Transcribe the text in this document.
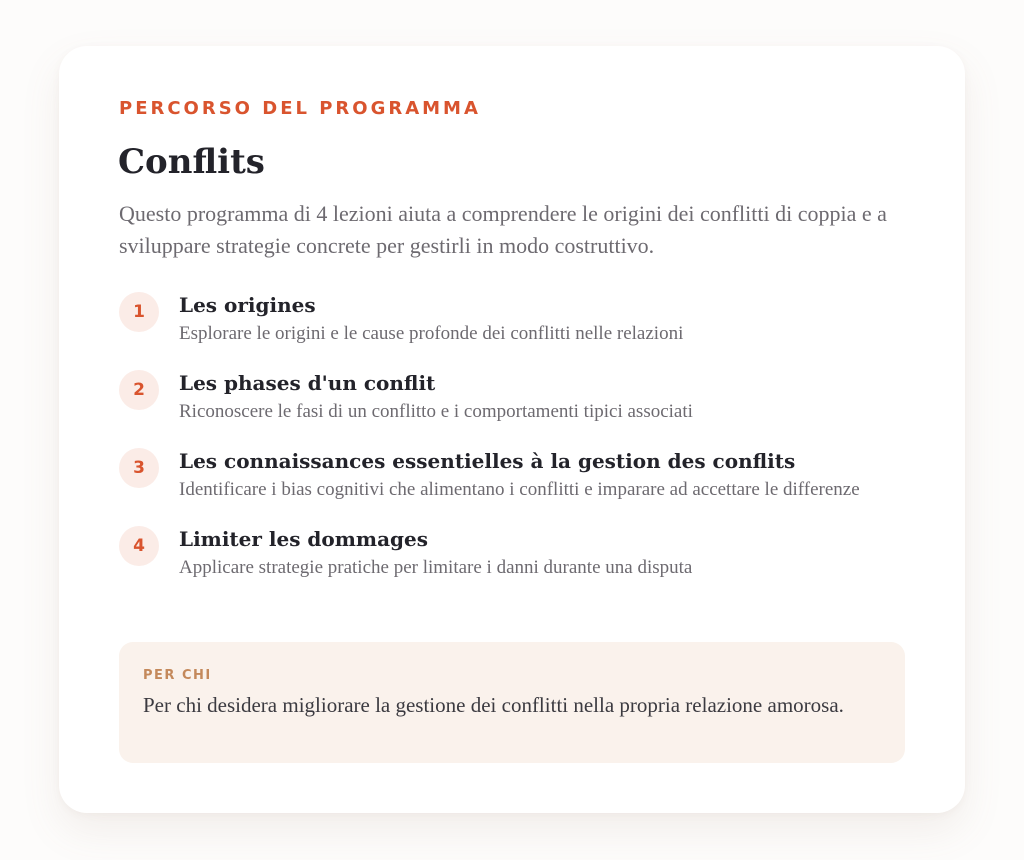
PERCORSO DEL PROGRAMMA
Conflits

Questo programma di 4 lezioni aiuta a comprendere le origini dei conflitti di coppia e a sviluppare strategie concrete per gestirli in modo costruttivo.

1	Les origines
Esplorare le origini e le cause profonde dei conflitti nelle relazioni
2	Les phases d'un conflit
Riconoscere le fasi di un conflitto e i comportamenti tipici associati
3	Les connaissances essentielles à la gestion des conflits
Identificare i bias cognitivi che alimentano i conflitti e imparare ad accettare le differenze
4	Limiter les dommages
Applicare strategie pratiche per limitare i danni durante una disputa
PER CHI
Per chi desidera migliorare la gestione dei conflitti nella propria relazione amorosa.
